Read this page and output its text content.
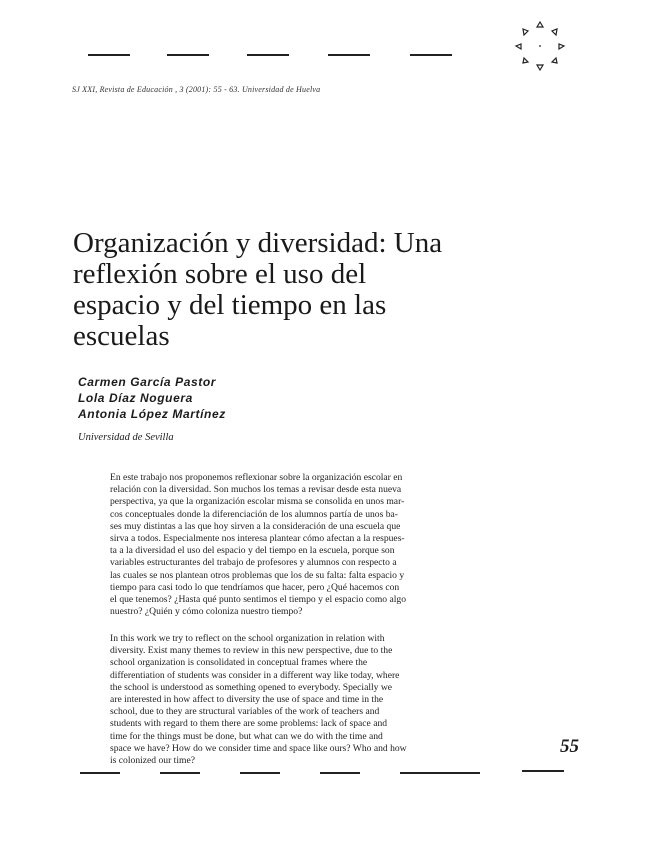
SJ XXI, Revista de Educación , 3 (2001): 55 - 63. Universidad de Huelva
Organización y diversidad: Una
reflexión sobre el uso del
espacio y del tiempo en las
escuelas
Carmen García Pastor
Lola Díaz Noguera
Antonia López Martínez
Universidad de Sevilla
En este trabajo nos proponemos reflexionar sobre la organización escolar en
relación con la diversidad. Son muchos los temas a revisar desde esta nueva
perspectiva, ya que la organización escolar misma se consolida en unos mar-
cos conceptuales donde la diferenciación de los alumnos partía de unos ba-
ses muy distintas a las que hoy sirven a la consideración de una escuela que
sirva a todos. Especialmente nos interesa plantear cómo afectan a la respues-
ta a la diversidad el uso del espacio y del tiempo en la escuela, porque son
variables estructurantes del trabajo de profesores y alumnos con respecto a
las cuales se nos plantean otros problemas que los de su falta: falta espacio y
tiempo para casi todo lo que tendríamos que hacer, pero ¿Qué hacemos con
el que tenemos? ¿Hasta qué punto sentimos el tiempo y el espacio como algo
nuestro? ¿Quién y cómo coloniza nuestro tiempo?
In this work we try to reflect on the school organization in relation with
diversity. Exist many themes to review in this new perspective, due to the
school organization is consolidated in conceptual frames where the
differentiation of students was consider in a different way like today, where
the school is understood as something opened to everybody. Specially we
are interested in how affect to diversity the use of space and time in the
school, due to they are structural variables of the work of teachers and
students with regard to them there are some problems: lack of space and
time for the things must be done, but what can we do with the time and
space we have? How do we consider time and space like ours? Who and how
is colonized our time?
55
